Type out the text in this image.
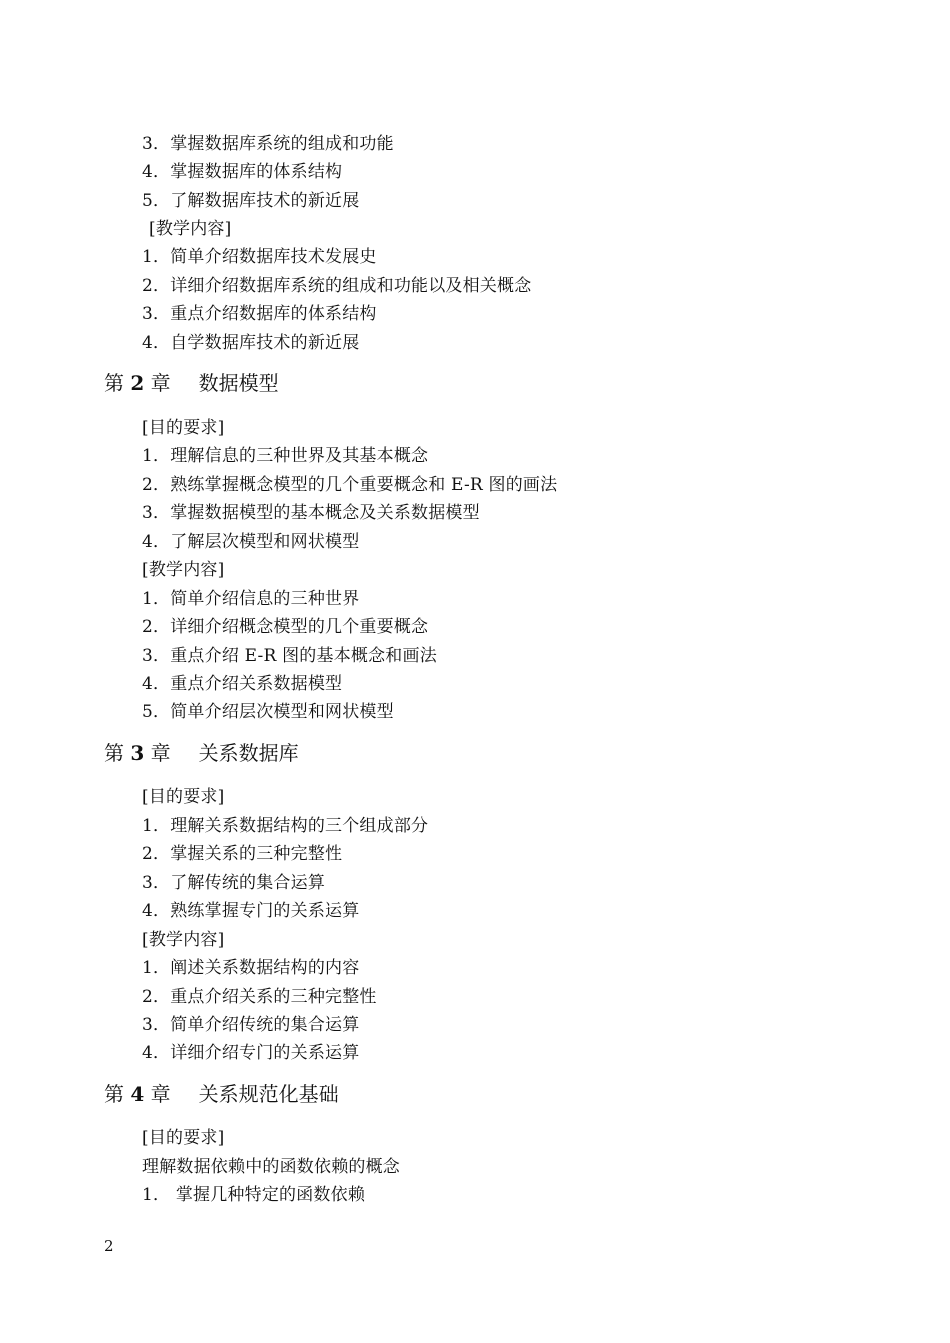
3．掌握数据库系统的组成和功能
4．掌握数据库的体系结构
5．了解数据库技术的新近展
[教学内容]
1．简单介绍数据库技术发展史
2．详细介绍数据库系统的组成和功能以及相关概念
3．重点介绍数据库的体系结构
4．自学数据库技术的新近展
第 2 章 数据模型
[目的要求]
1．理解信息的三种世界及其基本概念
2．熟练掌握概念模型的几个重要概念和 E-R 图的画法
3．掌握数据模型的基本概念及关系数据模型
4．了解层次模型和网状模型
[教学内容]
1．简单介绍信息的三种世界
2．详细介绍概念模型的几个重要概念
3．重点介绍 E-R 图的基本概念和画法
4．重点介绍关系数据模型
5．简单介绍层次模型和网状模型
第 3 章 关系数据库
[目的要求]
1．理解关系数据结构的三个组成部分
2．掌握关系的三种完整性
3．了解传统的集合运算
4．熟练掌握专门的关系运算
[教学内容]
1．阐述关系数据结构的内容
2．重点介绍关系的三种完整性
3．简单介绍传统的集合运算
4．详细介绍专门的关系运算
第 4 章 关系规范化基础
[目的要求]
理解数据依赖中的函数依赖的概念
1． 掌握几种特定的函数依赖
2
